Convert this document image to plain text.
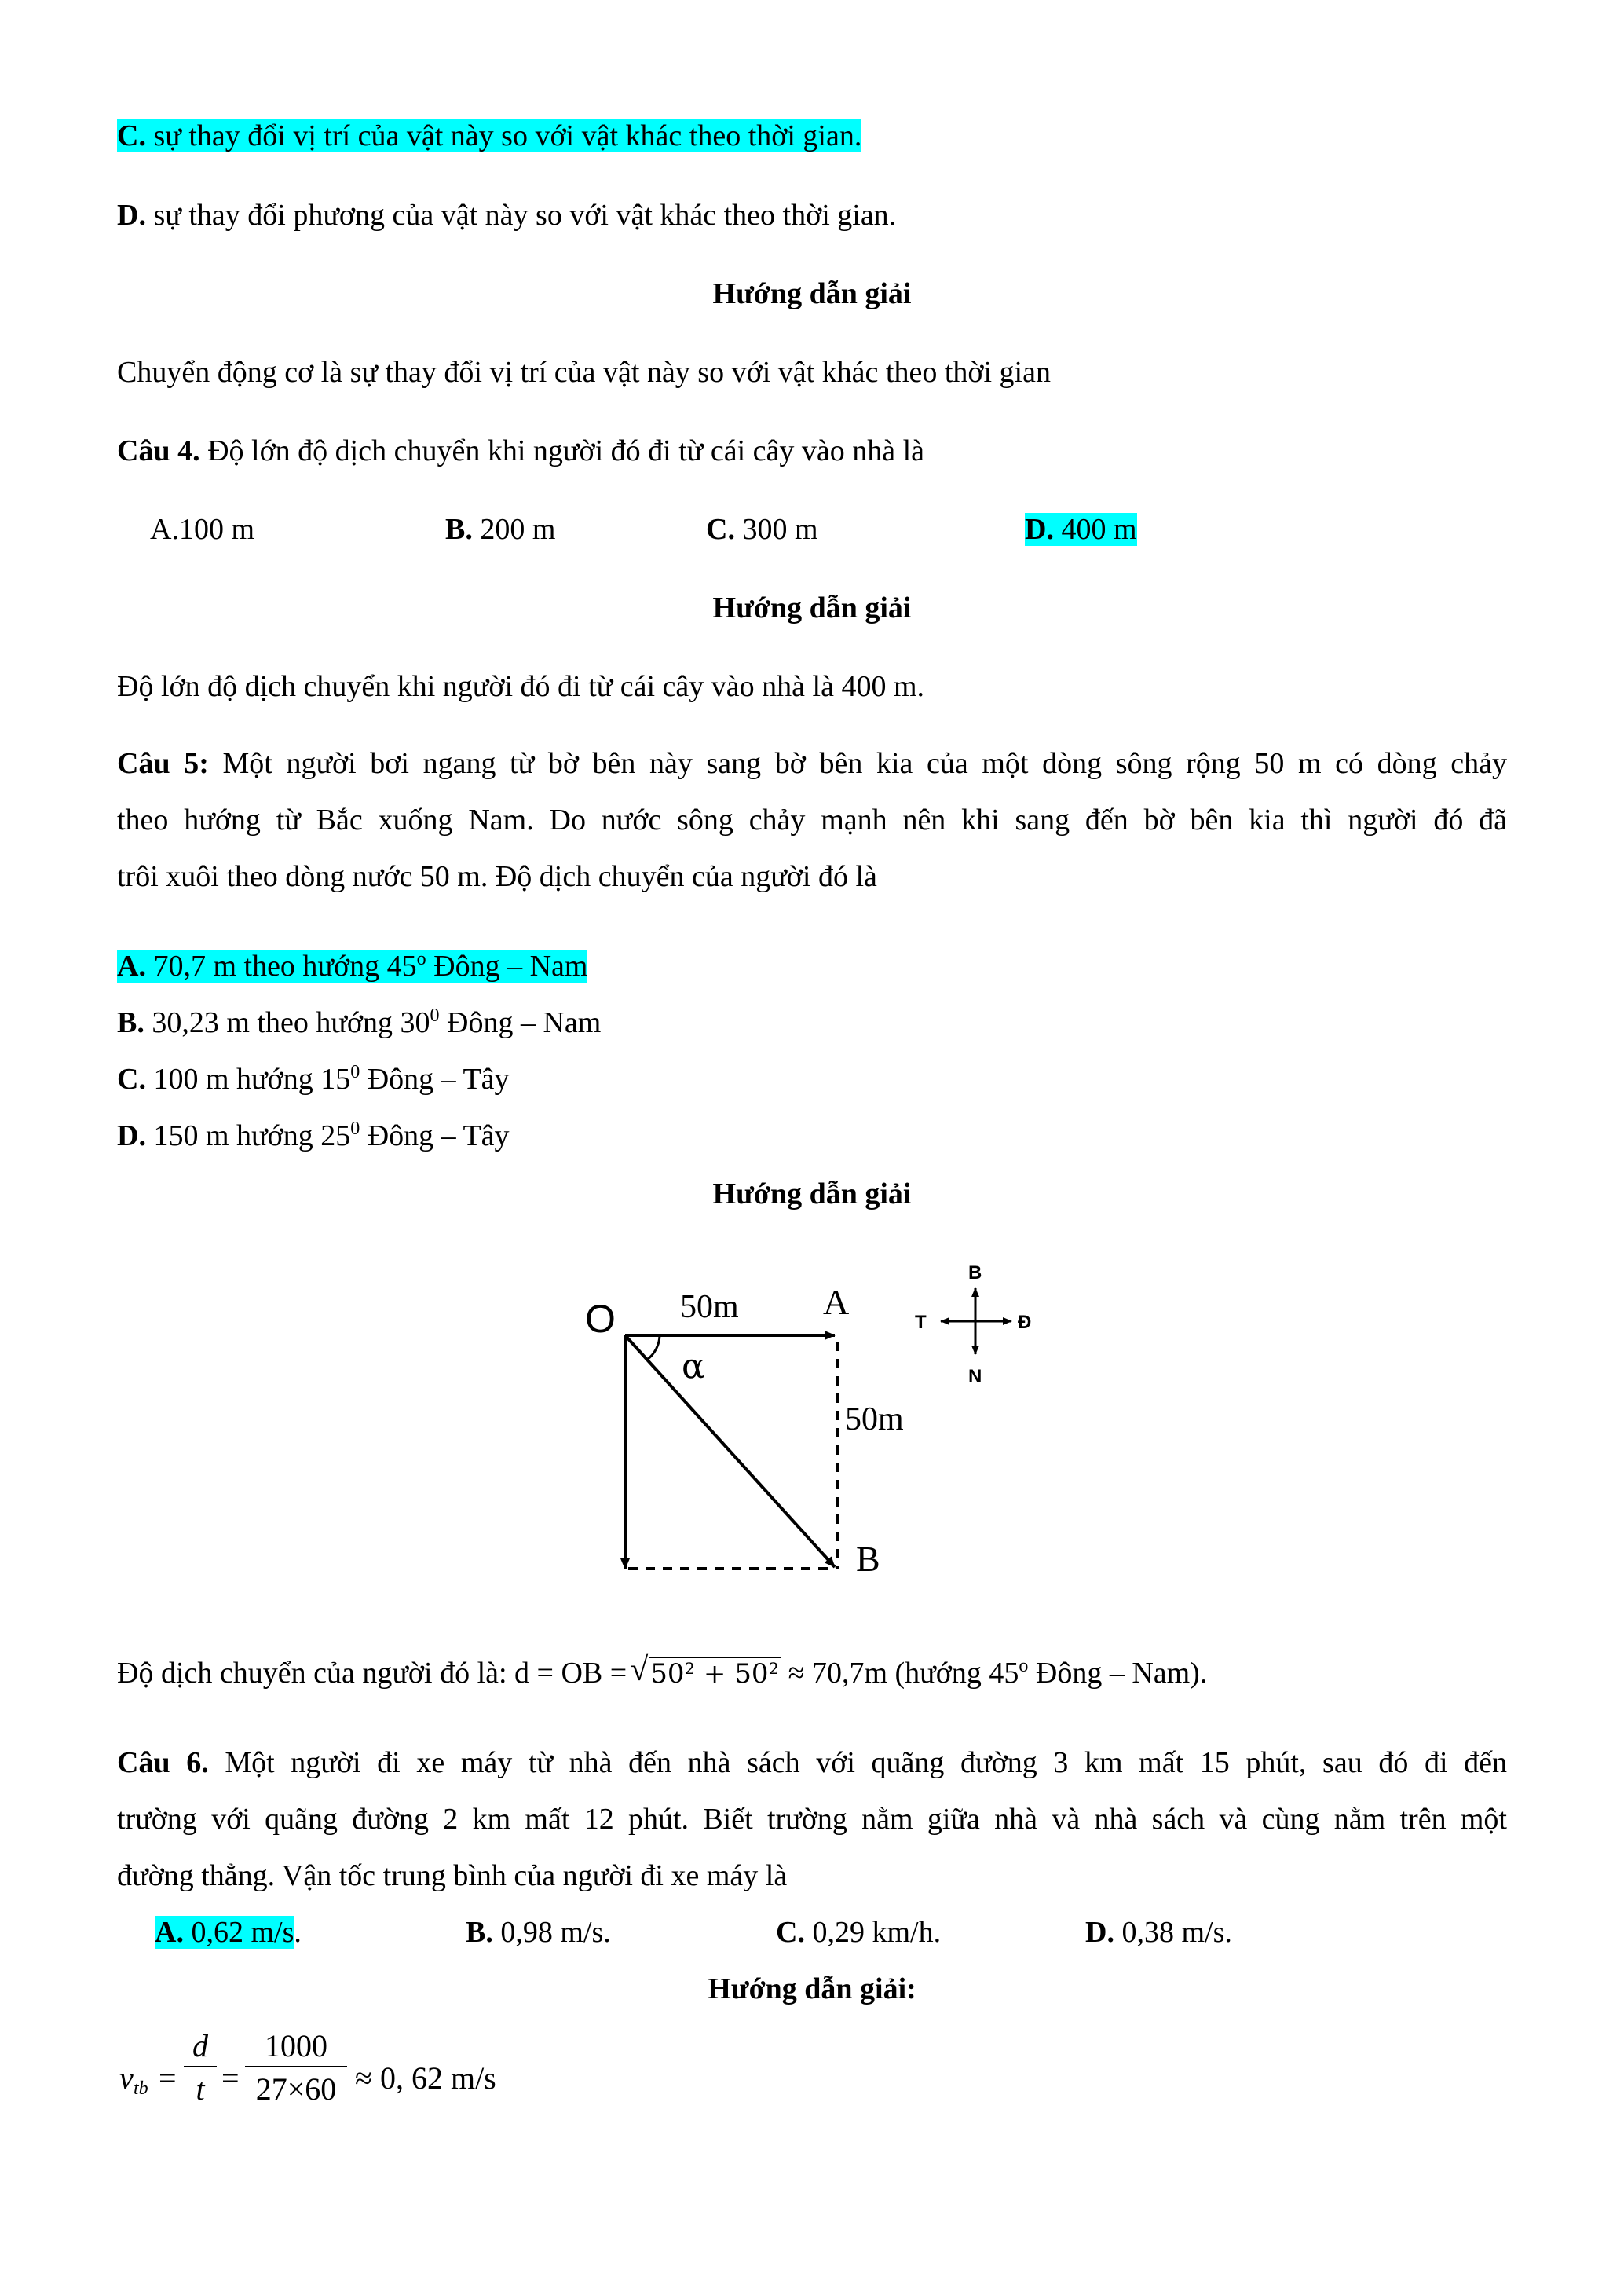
C. sự thay đổi vị trí của vật này so với vật khác theo thời gian.
D. sự thay đổi phương của vật này so với vật khác theo thời gian.
Hướng dẫn giải
Chuyển động cơ là sự thay đổi vị trí của vật này so với vật khác theo thời gian
Câu 4. Độ lớn độ dịch chuyển khi người đó đi từ cái cây vào nhà là
A.100 m	B. 200 m	C. 300 m	D. 400 m
Hướng dẫn giải
Độ lớn độ dịch chuyển khi người đó đi từ cái cây vào nhà là 400 m.
Câu 5: Một người bơi ngang từ bờ bên này sang bờ bên kia của một dòng sông rộng 50 m có dòng chảy
theo hướng từ Bắc xuống Nam. Do nước sông chảy mạnh nên khi sang đến bờ bên kia thì người đó đã
trôi xuôi theo dòng nước 50 m. Độ dịch chuyển của người đó là
A. 70,7 m theo hướng 45$^o$ Đông – Nam
B. 30,23 m theo hướng $30^0$ Đông – Nam
C. 100 m hướng $15^0$ Đông – Tây
D. 150 m hướng $25^0$ Đông – Tây
Hướng dẫn giải
O	A
B
50m
50m
α
B
N
T	Đ
Độ dịch chuyển của người đó là: d = OB = √ 50² + 50² ≈ 70,7m (hướng 45$^o$ Đông – Nam).
Câu 6. Một người đi xe máy từ nhà đến nhà sách với quãng đường 3 km mất 15 phút, sau đó đi đến
trường với quãng đường 2 km mất 12 phút. Biết trường nằm giữa nhà và nhà sách và cùng nằm trên một
đường thẳng. Vận tốc trung bình của người đi xe máy là
A. 0,62 m/s.	B. 0,98 m/s.	C. 0,29 km/h.	D. 0,38 m/s.
Hướng dẫn giải:
v tb =
d
t =
1000
27×60 ≈ 0, 62 m/s
